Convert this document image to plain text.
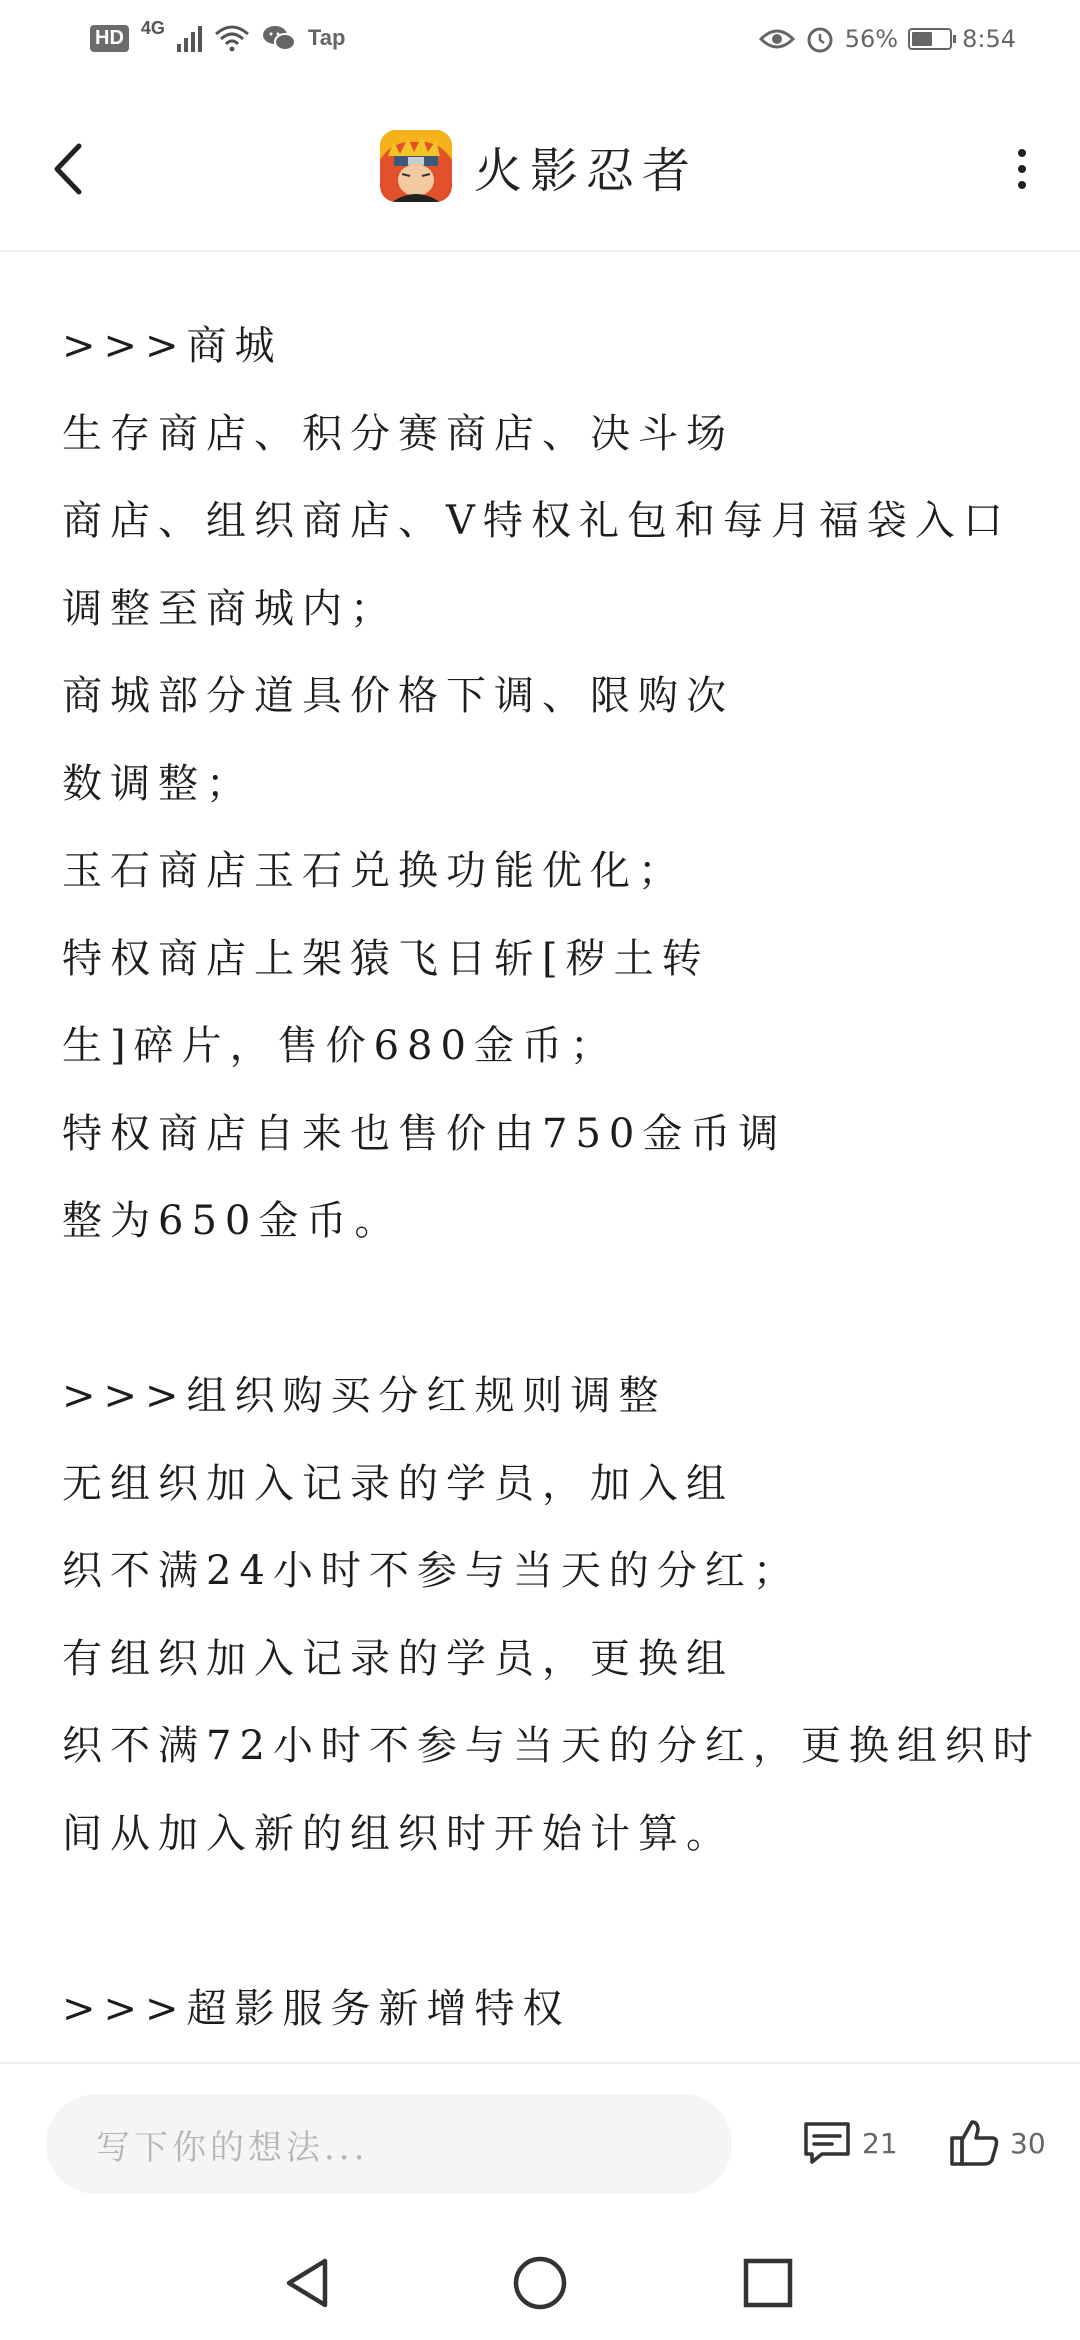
HD 4G	Tap	56%	8:54
火影忍者
>>>商城
生存商店、积分赛商店、决斗场
商店、组织商店、V特权礼包和每月福袋入口
调整至商城内；
商城部分道具价格下调、限购次
数调整；
玉石商店玉石兑换功能优化；
特权商店上架猿飞日斩[秽土转
生]碎片，售价680金币；
特权商店自来也售价由750金币调
整为650金币。
>>>组织购买分红规则调整
无组织加入记录的学员，加入组
织不满24小时不参与当天的分红；
有组织加入记录的学员，更换组
织不满72小时不参与当天的分红，更换组织时
间从加入新的组织时开始计算。
>>>超影服务新增特权
写下你的想法...	21	30
